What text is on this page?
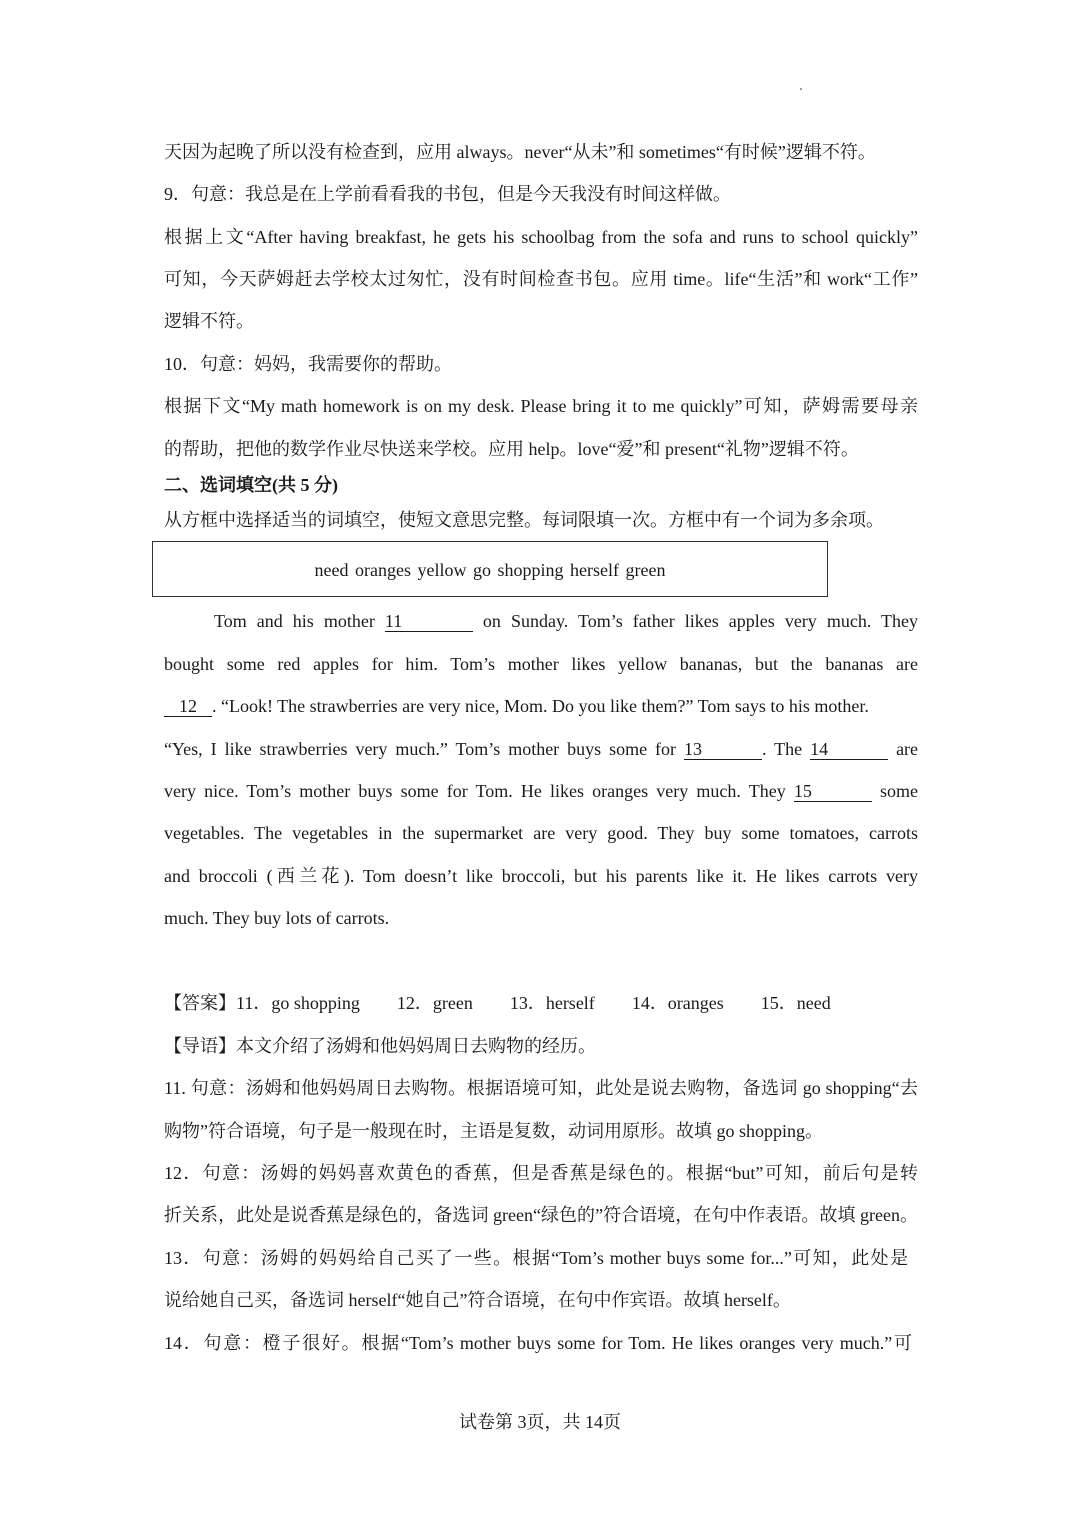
天因为起晚了所以没有检查到，应用 always。never“从未”和 sometimes“有时候”逻辑不符。
9．句意：我总是在上学前看看我的书包，但是今天我没有时间这样做。
根据上文“After having breakfast, he gets his schoolbag from the sofa and runs to school quickly”
可知，今天萨姆赶去学校太过匆忙，没有时间检查书包。应用 time。life“生活”和 work“工作”
逻辑不符。
10．句意：妈妈，我需要你的帮助。
根据下文“My math homework is on my desk. Please bring it to me quickly”可知，萨姆需要母亲
的帮助，把他的数学作业尽快送来学校。应用 help。love“爱”和 present“礼物”逻辑不符。
二、选词填空(共 5 分)
从方框中选择适当的词填空，使短文意思完整。每词限填一次。方框中有一个词为多余项。
need oranges yellow go shopping herself green
Tom and his mother 11	on Sunday. Tom’s father likes apples very much. They
bought some red apples for him. Tom’s mother likes yellow bananas, but the bananas are
12 . “Look! The strawberries are very nice, Mom. Do you like them?” Tom says to his mother.
“Yes, I like strawberries very much.” Tom’s mother buys some for 13	. The 14	are
very nice. Tom’s mother buys some for Tom. He likes oranges very much. They 15	some
vegetables. The vegetables in the supermarket are very good. They buy some tomatoes, carrots
and broccoli (西兰花). Tom doesn’t like broccoli, but his parents like it. He likes carrots very
much. They buy lots of carrots.
【答案】11．go shopping 12．green 13．herself 14．oranges 15．need
【导语】本文介绍了汤姆和他妈妈周日去购物的经历。
11. 句意：汤姆和他妈妈周日去购物。根据语境可知，此处是说去购物，备选词 go shopping“去
购物”符合语境，句子是一般现在时，主语是复数，动词用原形。故填 go shopping。
12．句意：汤姆的妈妈喜欢黄色的香蕉，但是香蕉是绿色的。根据“but”可知，前后句是转
折关系，此处是说香蕉是绿色的，备选词 green“绿色的”符合语境，在句中作表语。故填 green。
13．句意：汤姆的妈妈给自己买了一些。根据“Tom’s mother buys some for...”可知，此处是
说给她自己买，备选词 herself“她自己”符合语境，在句中作宾语。故填 herself。
14．句意：橙子很好。根据“Tom’s mother buys some for Tom. He likes oranges very much.”可
试卷第 3页，共 14页
